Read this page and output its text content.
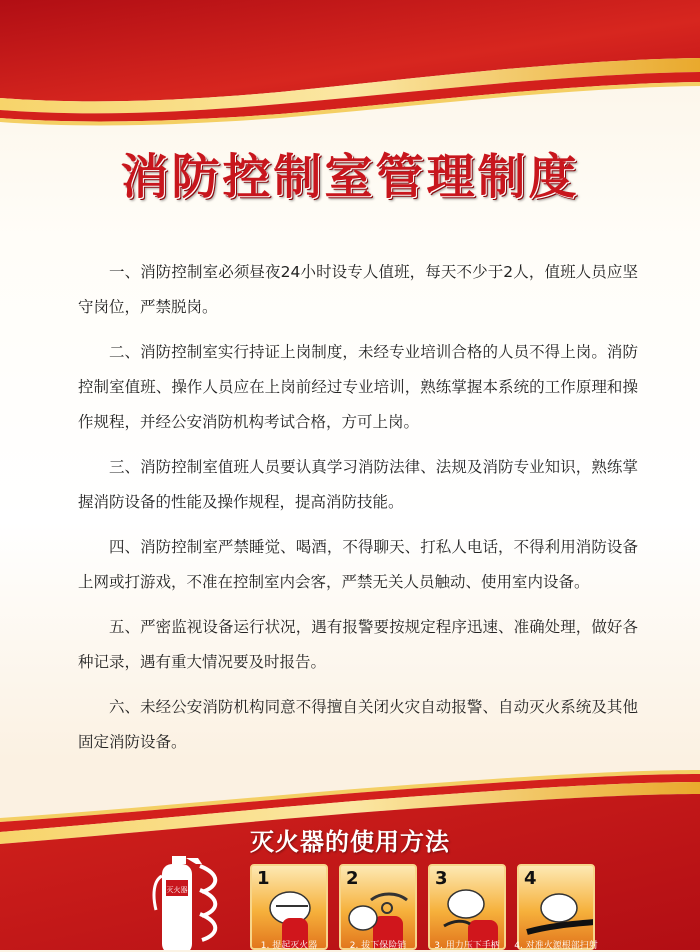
消防控制室管理制度

一、消防控制室必须昼夜24小时设专人值班，每天不少于2人，值班人员应坚守岗位，严禁脱岗。

二、消防控制室实行持证上岗制度，未经专业培训合格的人员不得上岗。消防控制室值班、操作人员应在上岗前经过专业培训，熟练掌握本系统的工作原理和操作规程，并经公安消防机构考试合格，方可上岗。

三、消防控制室值班人员要认真学习消防法律、法规及消防专业知识，熟练掌握消防设备的性能及操作规程，提高消防技能。

四、消防控制室严禁睡觉、喝酒，不得聊天、打私人电话，不得利用消防设备上网或打游戏，不准在控制室内会客，严禁无关人员触动、使用室内设备。

五、严密监视设备运行状况，遇有报警要按规定程序迅速、准确处理，做好各种记录，遇有重大情况要及时报告。

六、未经公安消防机构同意不得擅自关闭火灾自动报警、自动灭火系统及其他固定消防设备。

灭火器的使用方法
灭火器
1
1. 提起灭火器
2
2. 拔下保险销
3
3. 用力压下手柄
4
4. 对准火源根部扫射
